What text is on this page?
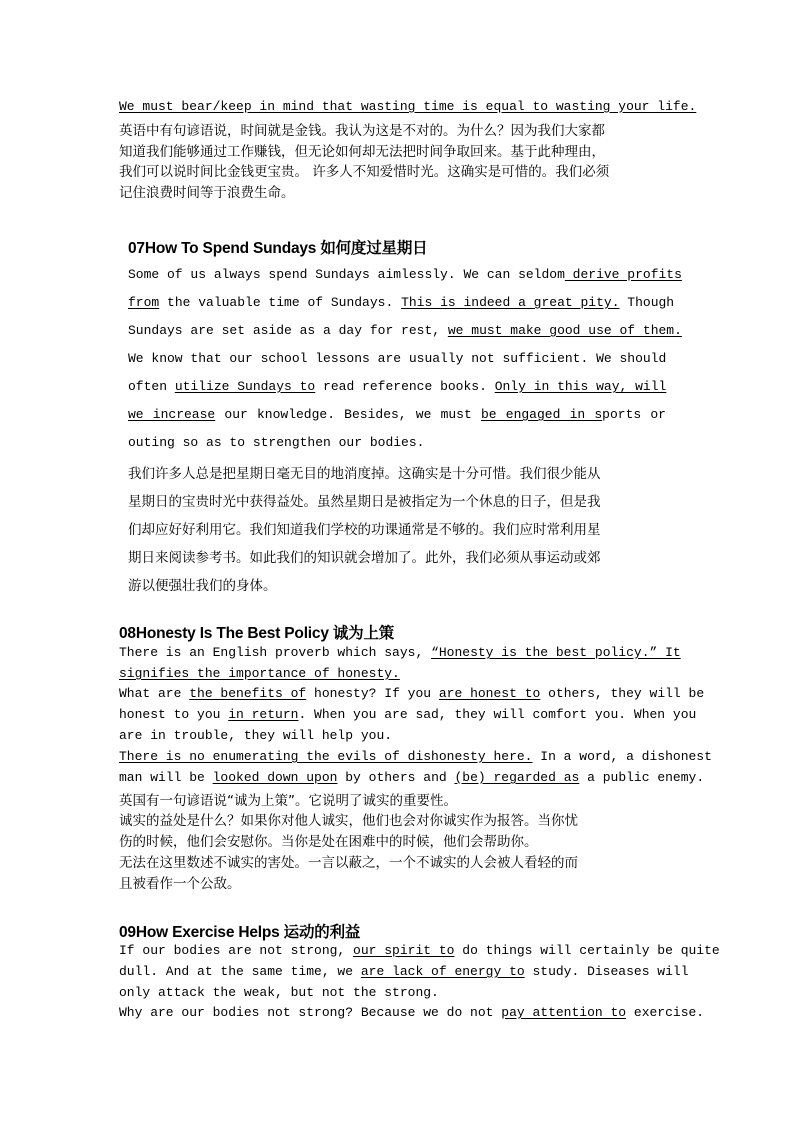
We must bear/keep in mind that wasting time is equal to wasting your life.
英语中有句谚语说，时间就是金钱。我认为这是不对的。为什么？因为我们大家都
知道我们能够通过工作赚钱，但无论如何却无法把时间争取回来。基于此种理由，
我们可以说时间比金钱更宝贵。 许多人不知爱惜时光。这确实是可惜的。我们必须
记住浪费时间等于浪费生命。
07How To Spend Sundays 如何度过星期日
Some of us always spend Sundays aimlessly. We can seldom derive profits
from the valuable time of Sundays. This is indeed a great pity. Though
Sundays are set aside as a day for rest, we must make good use of them.
We know that our school lessons are usually not sufficient. We should
often utilize Sundays to read reference books. Only in this way, will
we increase our knowledge. Besides, we must be engaged in sports or
outing so as to strengthen our bodies.
我们许多人总是把星期日毫无目的地消度掉。这确实是十分可惜。我们很少能从
星期日的宝贵时光中获得益处。虽然星期日是被指定为一个休息的日子，但是我
们却应好好利用它。我们知道我们学校的功课通常是不够的。我们应时常利用星
期日来阅读参考书。如此我们的知识就会增加了。此外，我们必须从事运动或郊
游以便强壮我们的身体。
08Honesty Is The Best Policy 诚为上策
There is an English proverb which says, “Honesty is the best policy.” It
signifies the importance of honesty.
What are the benefits of honesty? If you are honest to others, they will be
honest to you in return. When you are sad, they will comfort you. When you
are in trouble, they will help you.
There is no enumerating the evils of dishonesty here. In a word, a dishonest
man will be looked down upon by others and (be) regarded as a public enemy.
英国有一句谚语说“诚为上策”。它说明了诚实的重要性。
诚实的益处是什么？如果你对他人诚实，他们也会对你诚实作为报答。当你忧
伤的时候，他们会安慰你。当你是处在困难中的时候，他们会帮助你。
无法在这里数述不诚实的害处。一言以蔽之，一个不诚实的人会被人看轻的而
且被看作一个公敌。
09How Exercise Helps 运动的利益
If our bodies are not strong, our spirit to do things will certainly be quite
dull. And at the same time, we are lack of energy to study. Diseases will
only attack the weak, but not the strong.
Why are our bodies not strong? Because we do not pay attention to exercise.
